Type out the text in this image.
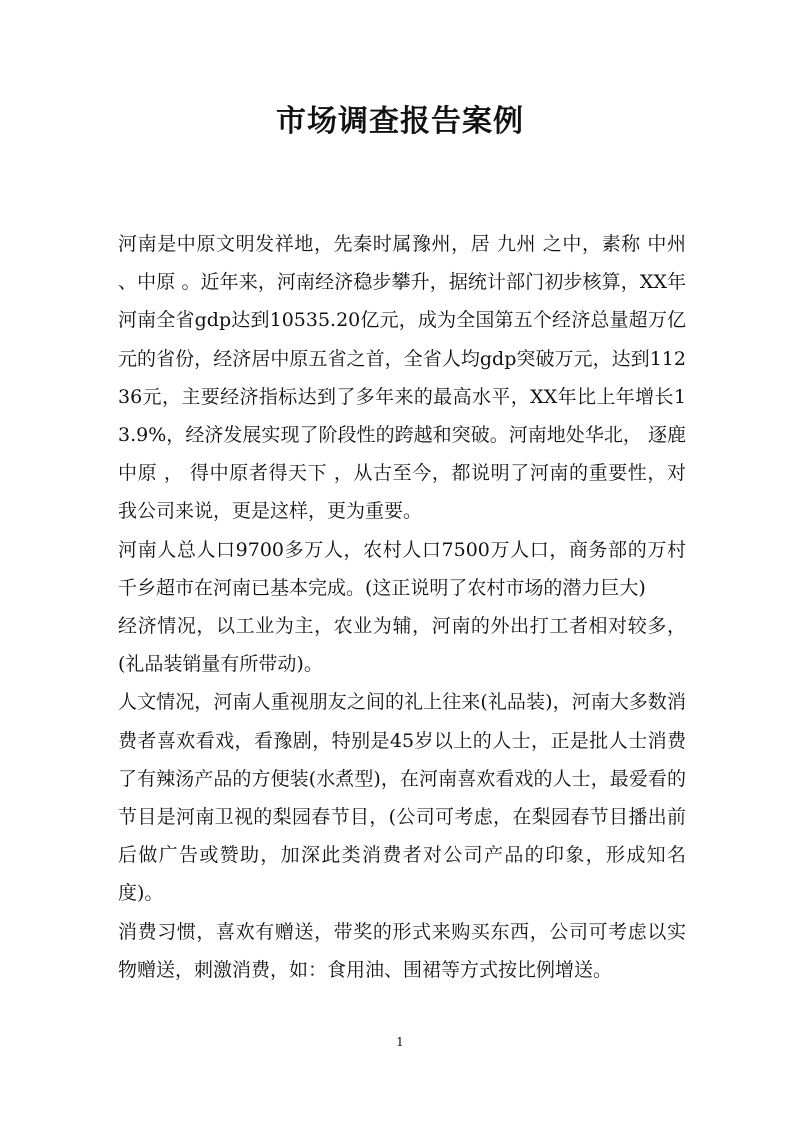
市场调查报告案例

河南是中原文明发祥地，先秦时属豫州，居 九州 之中，素称 中州 、中原 。近年来，河南经济稳步攀升，据统计部门初步核算，XX年河南全省gdp达到10535.20亿元，成为全国第五个经济总量超万亿元的省份，经济居中原五省之首，全省人均gdp突破万元，达到11236元，主要经济指标达到了多年来的最高水平，XX年比上年增长13.9%，经济发展实现了阶段性的跨越和突破。河南地处华北， 逐鹿中原 ， 得中原者得天下 ，从古至今，都说明了河南的重要性，对我公司来说，更是这样，更为重要。

河南人总人口9700多万人，农村人口7500万人口，商务部的万村千乡超市在河南已基本完成。(这正说明了农村市场的潜力巨大)

经济情况，以工业为主，农业为辅，河南的外出打工者相对较多，(礼品装销量有所带动)。

人文情况，河南人重视朋友之间的礼上往来(礼品装)，河南大多数消费者喜欢看戏，看豫剧，特别是45岁以上的人士，正是批人士消费了有辣汤产品的方便装(水煮型)，在河南喜欢看戏的人士，最爱看的节目是河南卫视的梨园春节目，(公司可考虑，在梨园春节目播出前后做广告或赞助，加深此类消费者对公司产品的印象，形成知名度)。

消费习惯，喜欢有赠送，带奖的形式来购买东西，公司可考虑以实物赠送，刺激消费，如：食用油、围裙等方式按比例增送。

1
